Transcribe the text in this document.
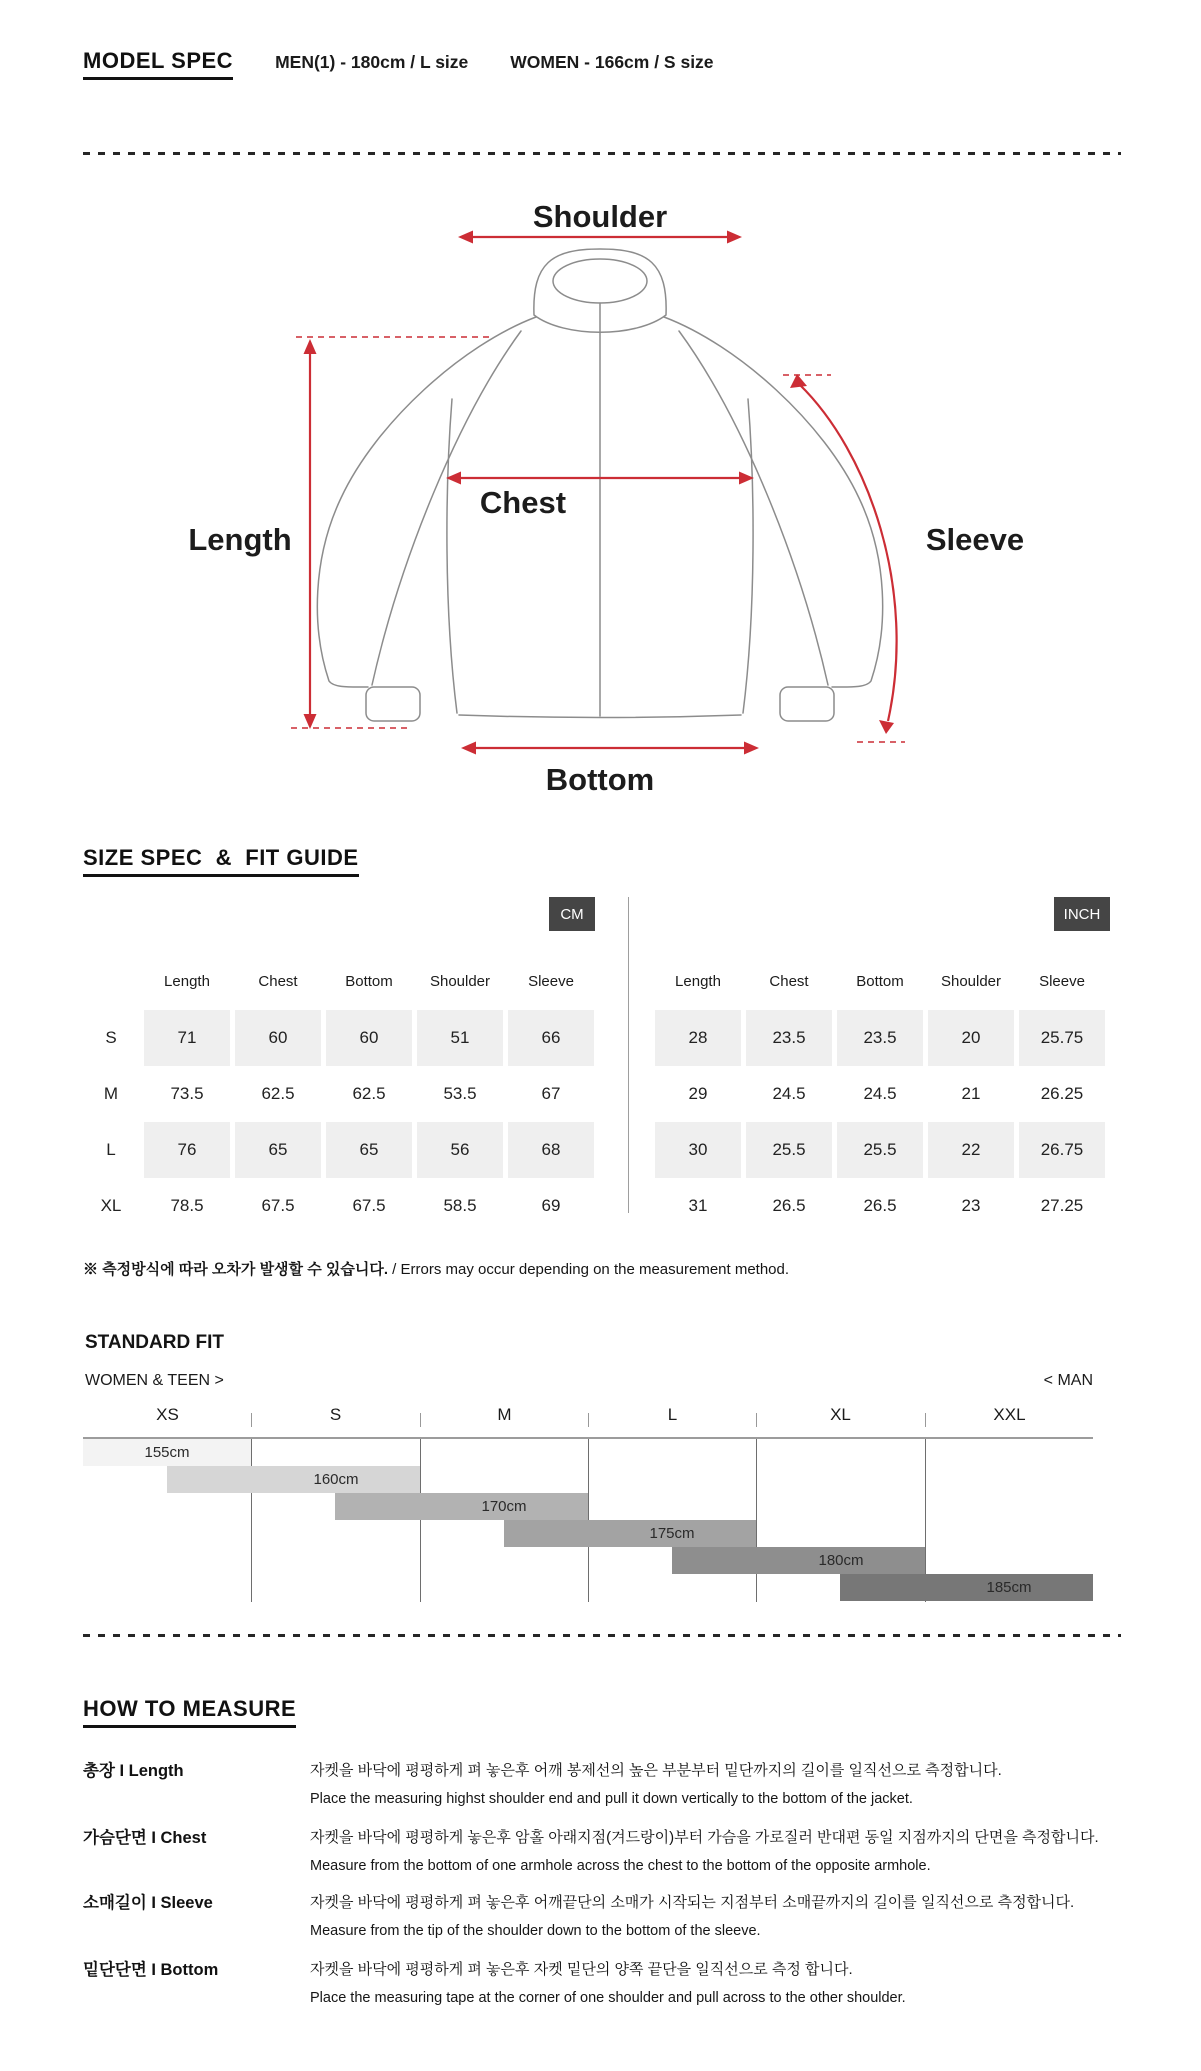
MODEL SPEC MEN(1) - 180cm / L size WOMEN - 166cm / S size
Shoulder
Length
Chest
Sleeve
Bottom
SIZE SPEC  &  FIT GUIDE
CM	INCH
	Length	Chest	Bottom	Shoulder	Sleeve
S	71	60	60	51	66
M	73.5	62.5	62.5	53.5	67
L	76	65	65	56	68
XL	78.5	67.5	67.5	58.5	69
Length	Chest	Bottom	Shoulder	Sleeve
28	23.5	23.5	20	25.75
29	24.5	24.5	21	26.25
30	25.5	25.5	22	26.75
31	26.5	26.5	23	27.25
※ 측정방식에 따라 오차가 발생할 수 있습니다. / Errors may occur depending on the measurement method.
STANDARD FIT
WOMEN & TEEN >	< MAN
XS	S	M	L	XL	XXL
155cm
160cm
170cm
175cm
180cm
185cm
HOW TO MEASURE
총장 I Length	자켓을 바닥에 평평하게 펴 놓은후 어깨 봉제선의 높은 부분부터 밑단까지의 길이를 일직선으로 측정합니다.
Place the measuring highst shoulder end and pull it down vertically to the bottom of the jacket.
가슴단면 I Chest	자켓을 바닥에 평평하게 놓은후 암홀 아래지점(겨드랑이)부터 가슴을 가로질러 반대편 동일 지점까지의 단면을 측정합니다.
Measure from the bottom of one armhole across the chest to the bottom of the opposite armhole.
소매길이 I Sleeve	자켓을 바닥에 평평하게 펴 놓은후 어깨끝단의 소매가 시작되는 지점부터 소매끝까지의 길이를 일직선으로 측정합니다.
Measure from the tip of the shoulder down to the bottom of the sleeve.
밑단단면 I Bottom	자켓을 바닥에 평평하게 펴 놓은후 자켓 밑단의 양쪽 끝단을 일직선으로 측정 합니다.
Place the measuring tape at the corner of one shoulder and pull across to the other shoulder.
